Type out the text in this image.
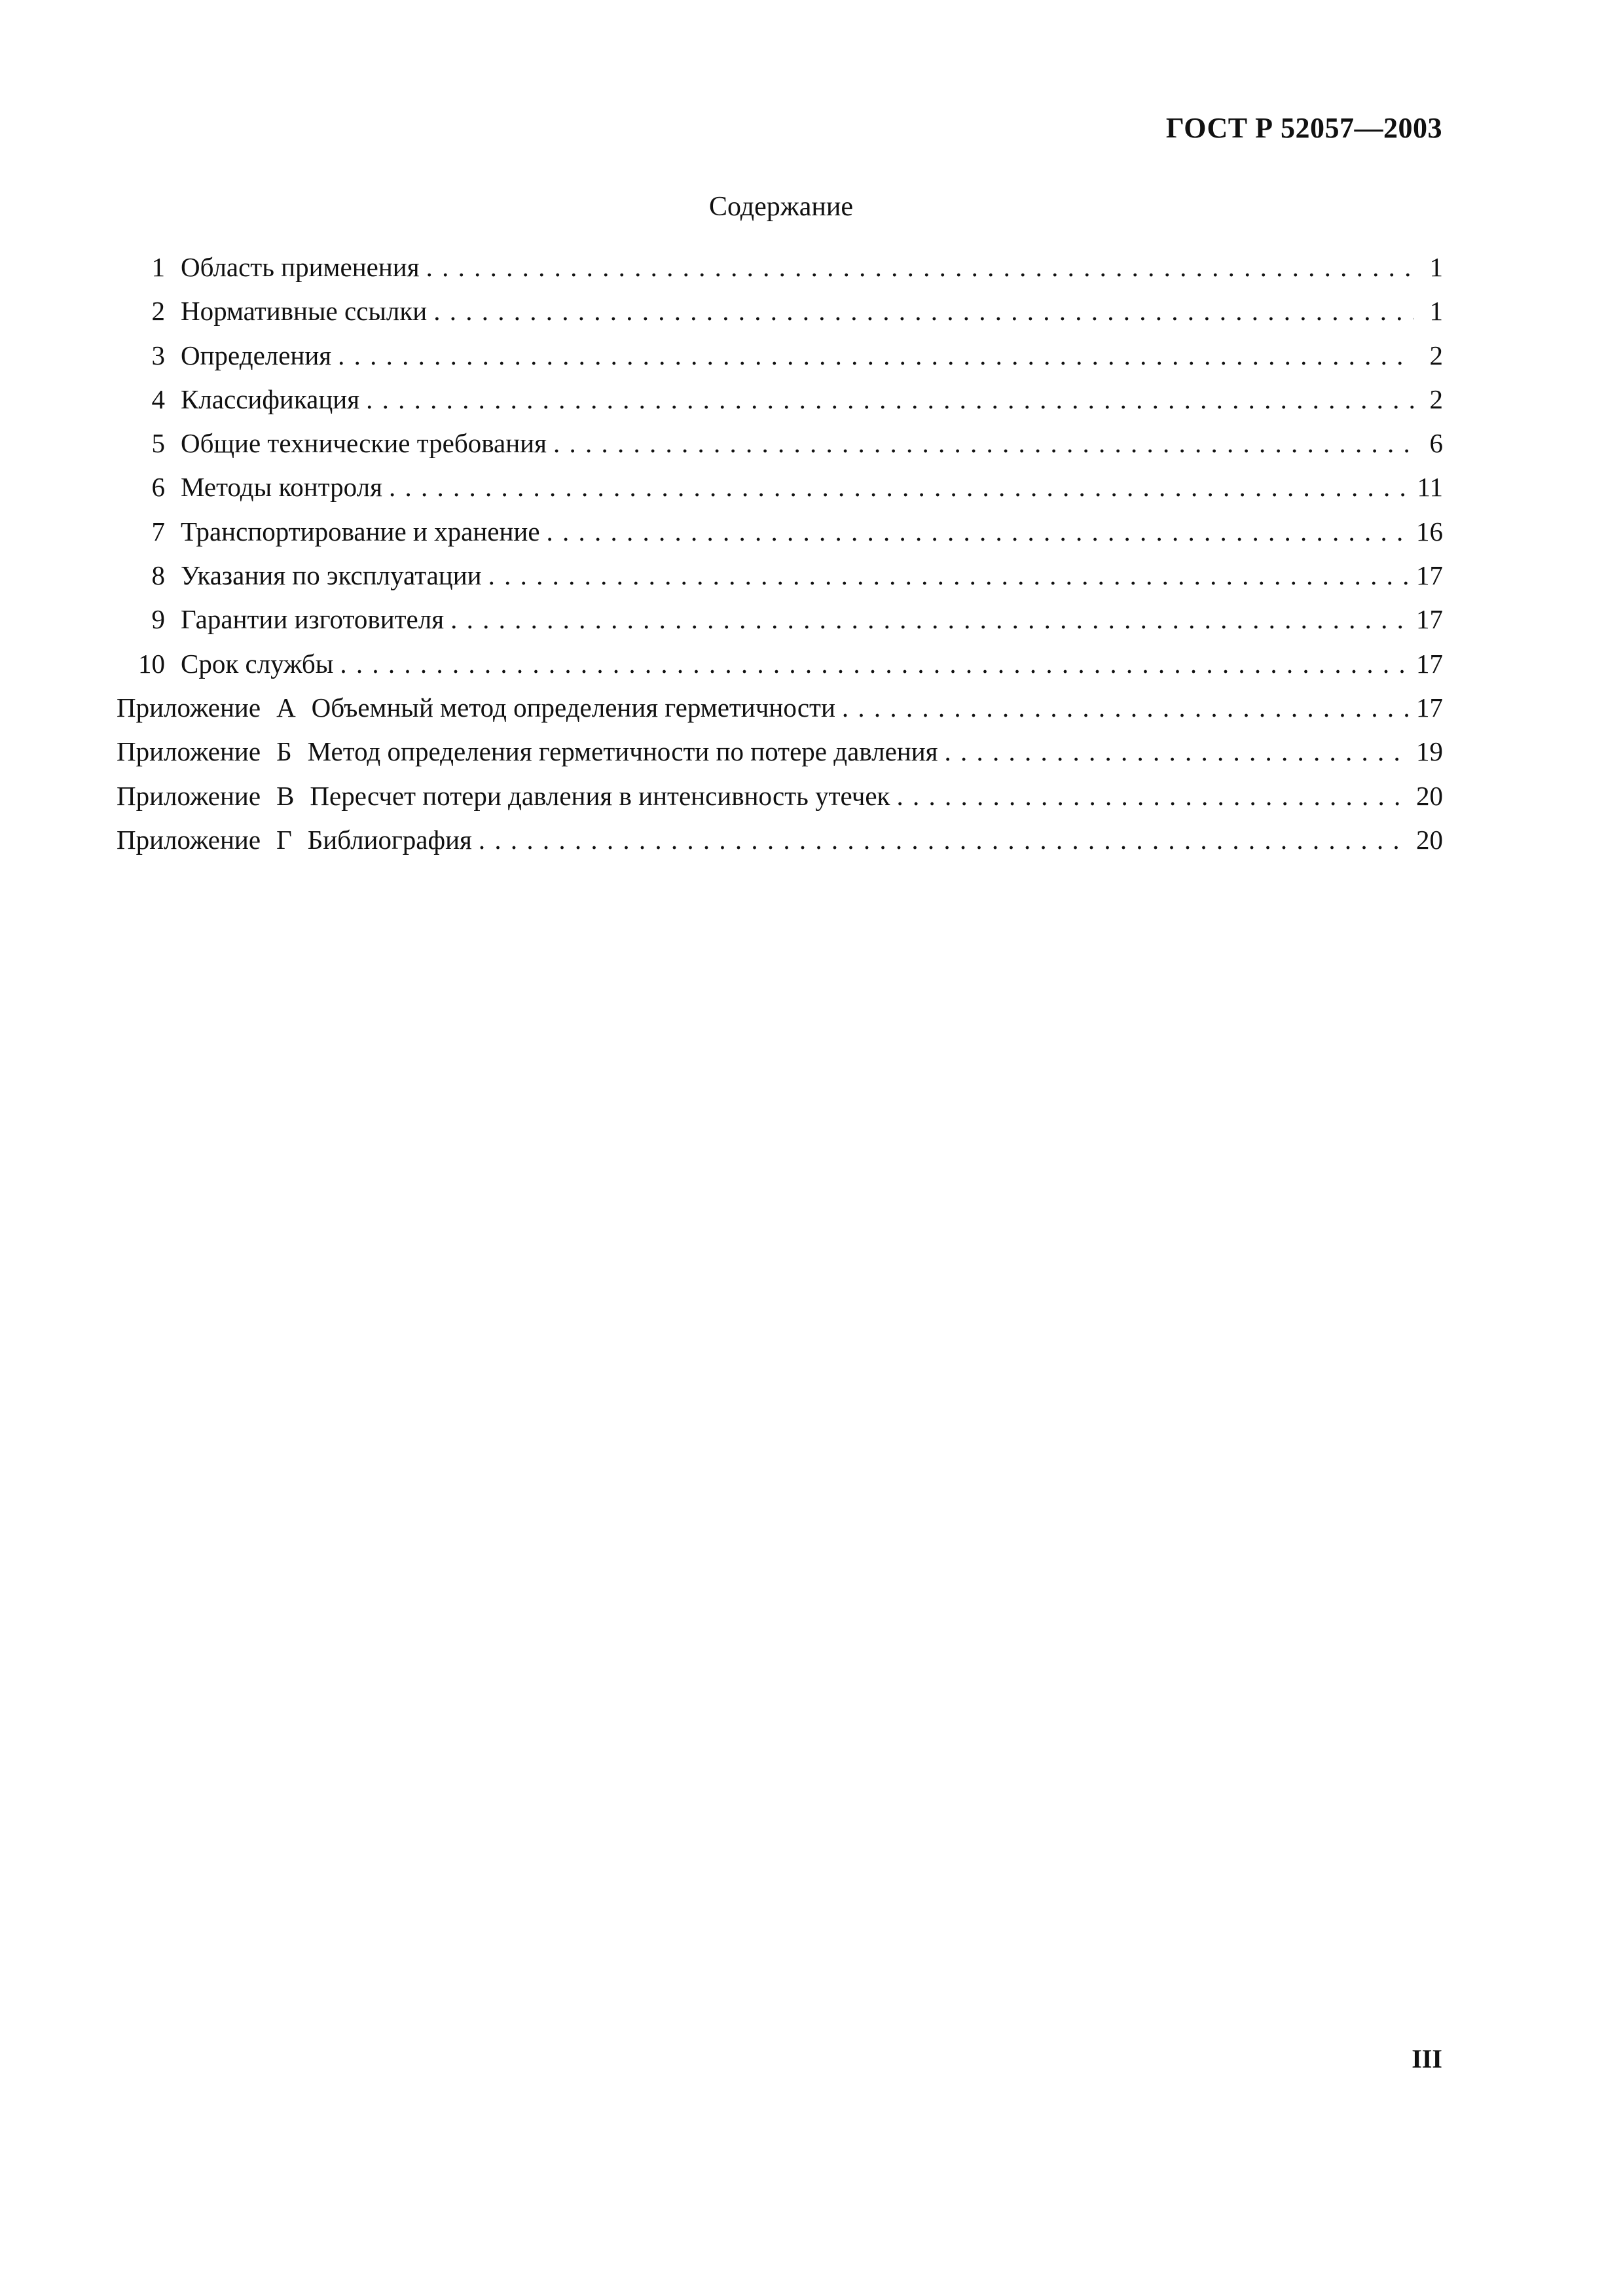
ГОСТ Р 52057—2003
Содержание
1 Область применения . . .	1
2 Нормативные ссылки . . .	1
3 Определения . . .	2
4 Классификация . . .	2
5 Общие технические требования . . .	6
6 Методы контроля . . .	11
7 Транспортирование и хранение . . .	16
8 Указания по эксплуатации . . .	17
9 Гарантии изготовителя . . .	17
10 Срок службы . . .	17
Приложение А Объемный метод определения герметичности . . .	17
Приложение Б Метод определения герметичности по потере давления . . .	19
Приложение В Пересчет потери давления в интенсивность утечек . . .	20
Приложение Г Библиография . . .	20
III
